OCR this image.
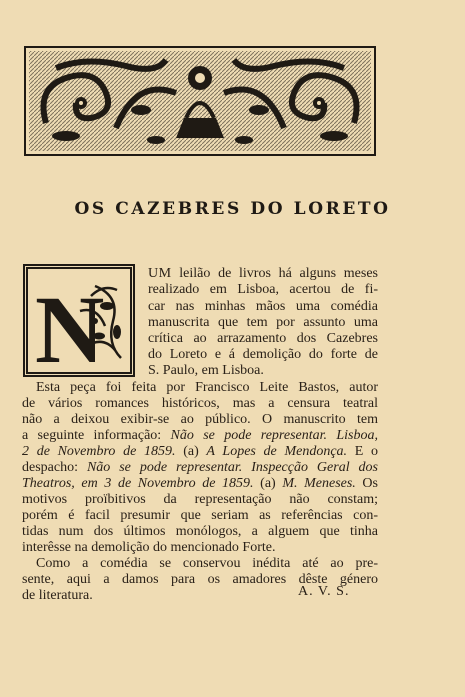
OS CAZEBRES DO LORETO
N
UM leilão de livros há alguns meses
realizado em Lisboa, acertou de fi-
car nas minhas mãos uma comédia
manuscrita que tem por assunto uma
crítica ao arrazamento dos Cazebres
do Loreto e á demolição do forte de
S. Paulo, em Lisboa.
Esta peça foi feita por Francisco Leite Bastos, autor
de vários romances históricos, mas a censura teatral
não a deixou exibir-se ao público. O manuscrito tem
a seguinte informação: Não se pode representar. Lisboa,
2 de Novembro de 1859. (a) A Lopes de Mendonça. E o
despacho: Não se pode representar. Inspecção Geral dos
Theatros, em 3 de Novembro de 1859. (a) M. Meneses. Os
motivos proïbitivos da representação não constam;
porém é facil presumir que seriam as referências con-
tidas num dos últimos monólogos, a alguem que tinha
interêsse na demolição do mencionado Forte.
Como a comédia se conservou inédita até ao pre-
sente, aqui a damos para os amadores dêste género
de literatura.	A. V. S.
